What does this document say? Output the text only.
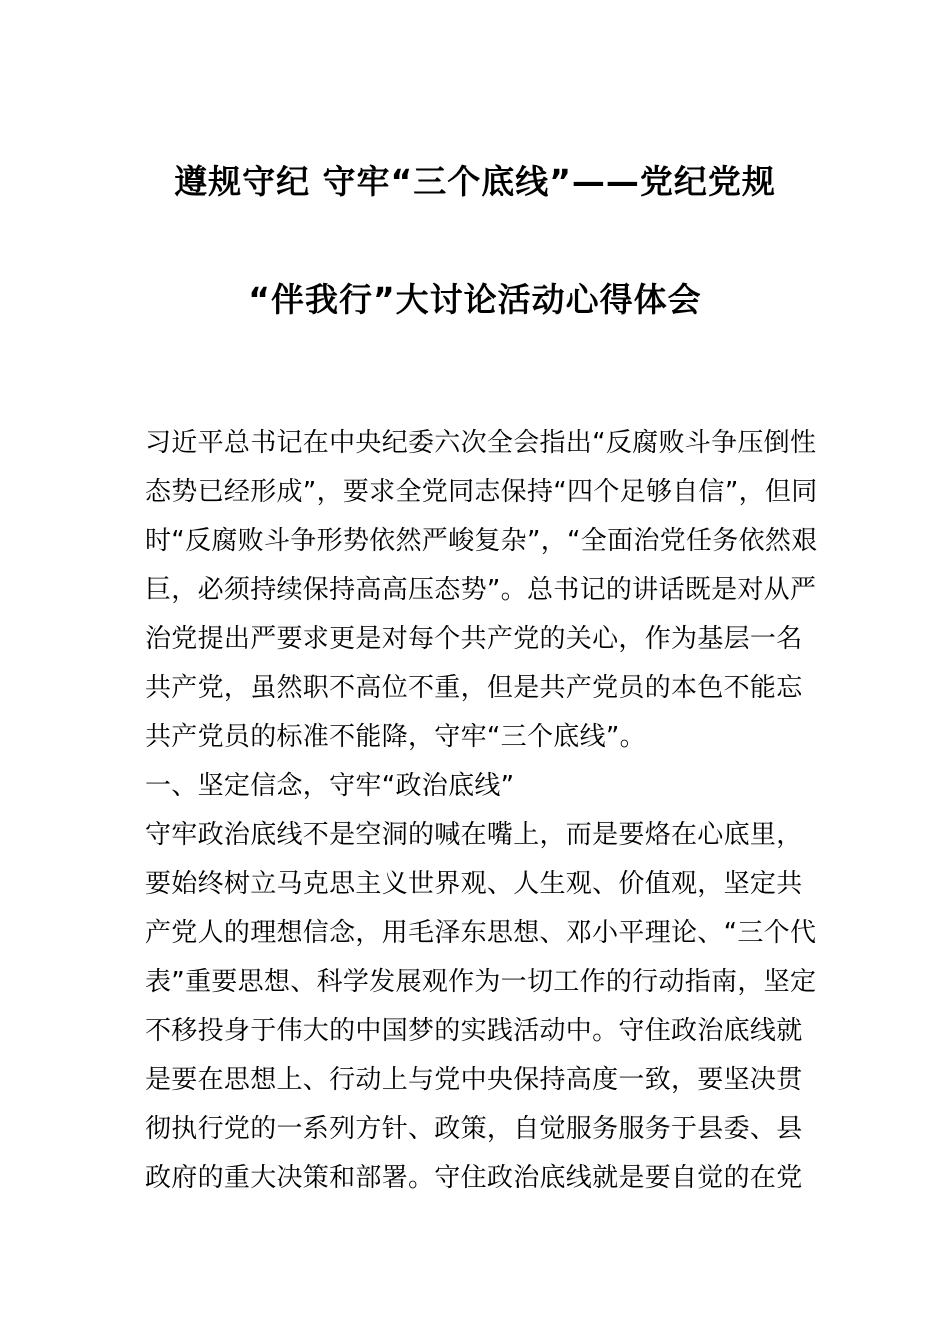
遵规守纪 守牢“三个底线”——党纪党规
“伴我行”大讨论活动心得体会
习近平总书记在中央纪委六次全会指出“反腐败斗争压倒性
态势已经形成”，要求全党同志保持“四个足够自信”，但同
时“反腐败斗争形势依然严峻复杂”，“全面治党任务依然艰
巨，必须持续保持高高压态势”。总书记的讲话既是对从严
治党提出严要求更是对每个共产党的关心，作为基层一名
共产党，虽然职不高位不重，但是共产党员的本色不能忘
共产党员的标准不能降，守牢“三个底线”。
一、坚定信念，守牢“政治底线”
守牢政治底线不是空洞的喊在嘴上，而是要烙在心底里，
要始终树立马克思主义世界观、人生观、价值观，坚定共
产党人的理想信念，用毛泽东思想、邓小平理论、“三个代
表”重要思想、科学发展观作为一切工作的行动指南，坚定
不移投身于伟大的中国梦的实践活动中。守住政治底线就
是要在思想上、行动上与党中央保持高度一致，要坚决贯
彻执行党的一系列方针、政策，自觉服务服务于县委、县
政府的重大决策和部署。守住政治底线就是要自觉的在党
